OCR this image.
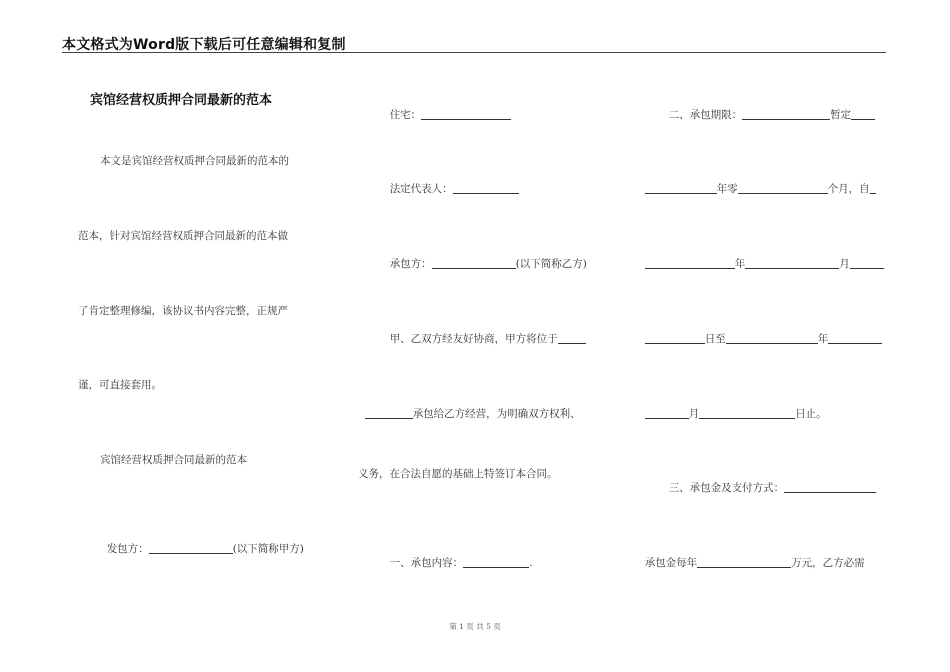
本文格式为Word版下载后可任意编辑和复制
宾馆经营权质押合同最新的范本
本文是宾馆经营权质押合同最新的范本的
范本，针对宾馆经营权质押合同最新的范本做
了肯定整理修编，该协议书内容完整，正规严
谨，可直接套用。
宾馆经营权质押合同最新的范本

发包方：	(以下简称甲方)

住宅：

法定代表人：

承包方：	(以下简称乙方)

甲、乙双方经友好协商，甲方将位于

承包给乙方经营，为明确双方权利、

义务，在合法自愿的基础上特签订本合同。

一、承包内容：	.

二、承包期限：	暂定

年零	个月，自

年	月

日至	年

月	日止。

三、承包金及支付方式：

承包金每年	万元，乙方必需

第 1 页 共 5 页
